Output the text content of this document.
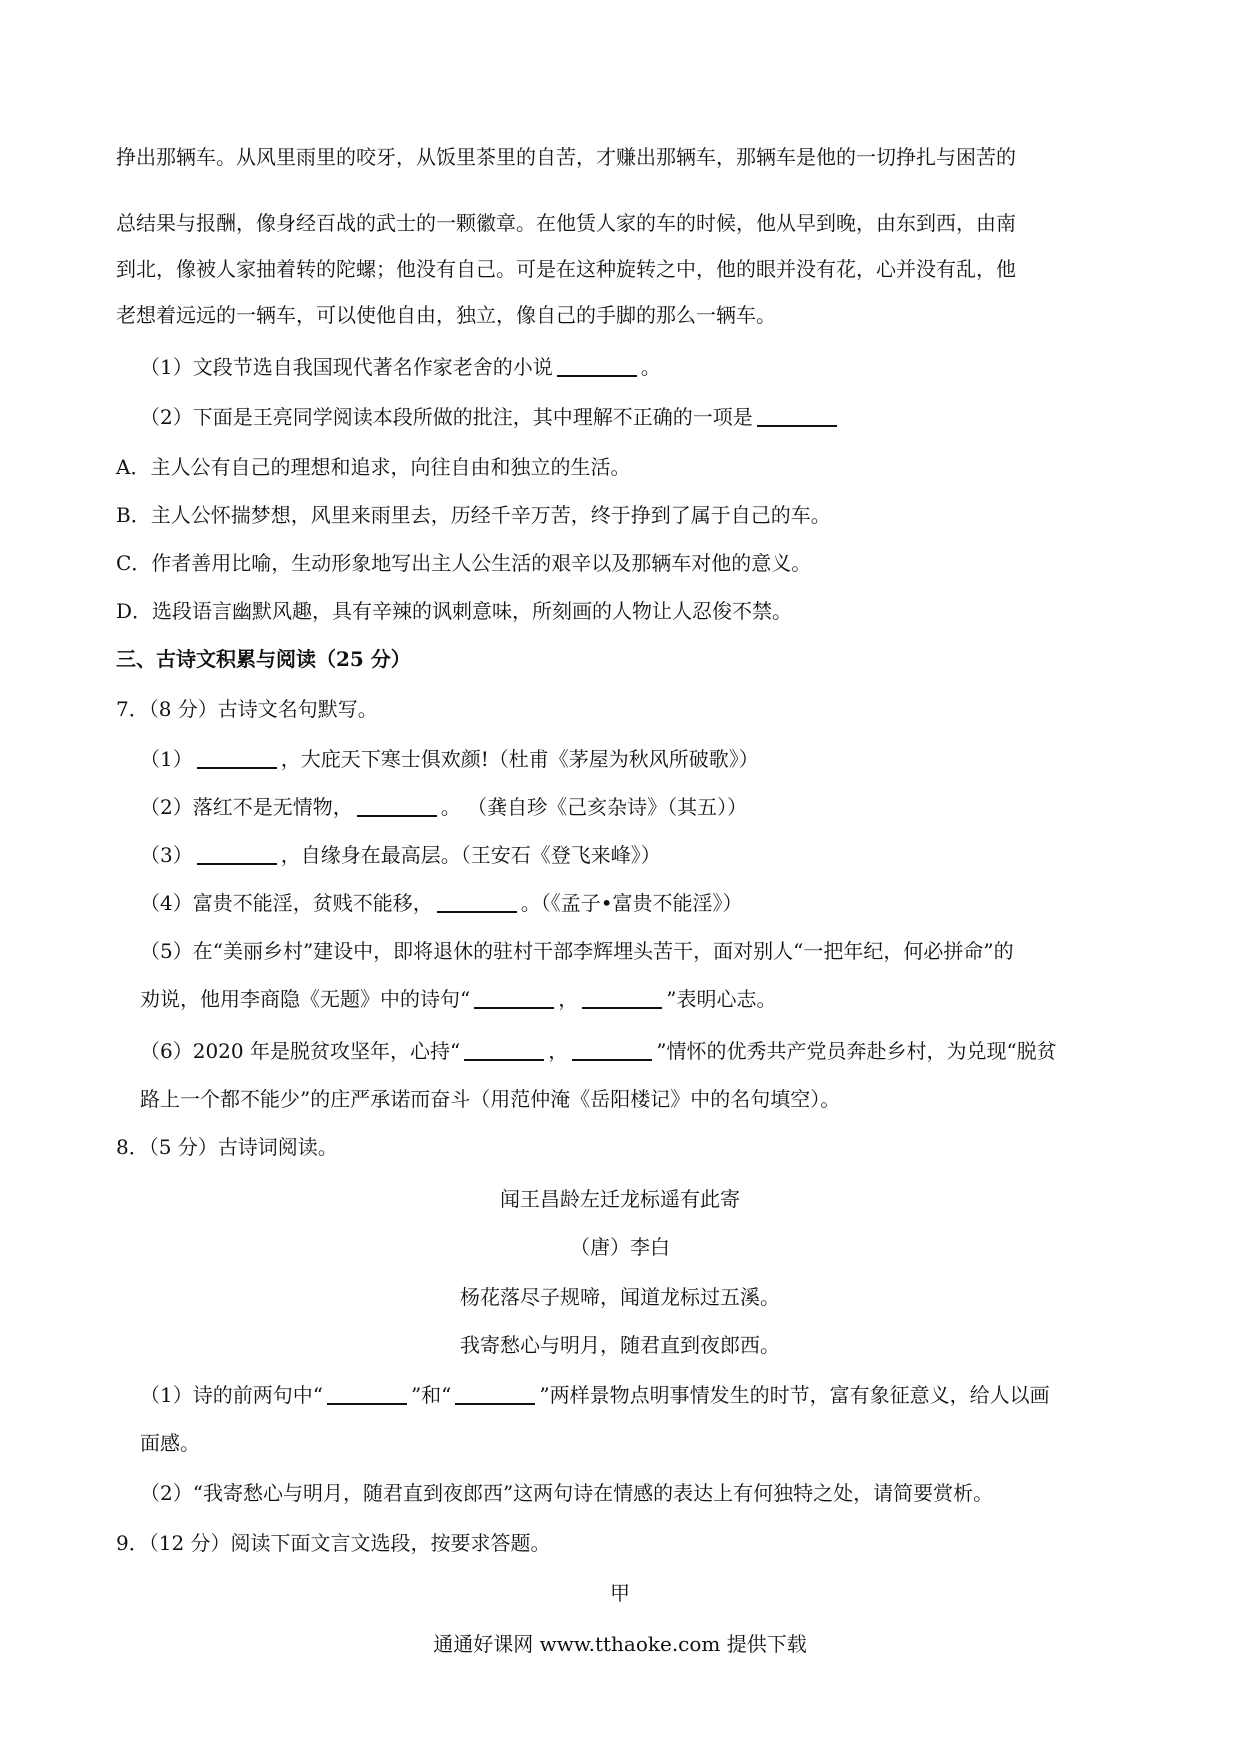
挣出那辆车。从风里雨里的咬牙，从饭里茶里的自苦，才赚出那辆车，那辆车是他的一切挣扎与困苦的
总结果与报酬，像身经百战的武士的一颗徽章。在他赁人家的车的时候，他从早到晚，由东到西，由南
到北，像被人家抽着转的陀螺；他没有自己。可是在这种旋转之中，他的眼并没有花，心并没有乱，他
老想着远远的一辆车，可以使他自由，独立，像自己的手脚的那么一辆车。
（1）文段节选自我国现代著名作家老舍的小说	。
（2）下面是王亮同学阅读本段所做的批注，其中理解不正确的一项是
A．主人公有自己的理想和追求，向往自由和独立的生活。
B．主人公怀揣梦想，风里来雨里去，历经千辛万苦，终于挣到了属于自己的车。
C．作者善用比喻，生动形象地写出主人公生活的艰辛以及那辆车对他的意义。
D．选段语言幽默风趣，具有辛辣的讽刺意味，所刻画的人物让人忍俊不禁。
三、古诗文积累与阅读（25 分）
7．（8 分）古诗文名句默写。
（1）	，大庇天下寒士俱欢颜!（杜甫《茅屋为秋风所破歌》）
（2）落红不是无情物，	。 （龚自珍《己亥杂诗》（其五））
（3）	，自缘身在最高层。（王安石《登飞来峰》）
（4）富贵不能淫，贫贱不能移，	。（《孟子•富贵不能淫》）
（5）在“美丽乡村”建设中，即将退休的驻村干部李辉埋头苦干，面对别人“一把年纪，何必拼命”的
劝说，他用李商隐《无题》中的诗句“	，	”表明心志。
（6）2020 年是脱贫攻坚年，心持“	，	”情怀的优秀共产党员奔赴乡村，为兑现“脱贫
路上一个都不能少”的庄严承诺而奋斗（用范仲淹《岳阳楼记》中的名句填空）。
8．（5 分）古诗词阅读。
闻王昌龄左迁龙标遥有此寄
（唐）李白
杨花落尽子规啼，闻道龙标过五溪。
我寄愁心与明月，随君直到夜郎西。
（1）诗的前两句中“	”和“	”两样景物点明事情发生的时节，富有象征意义，给人以画
面感。
（2）“我寄愁心与明月，随君直到夜郎西”这两句诗在情感的表达上有何独特之处，请简要赏析。
9．（12 分）阅读下面文言文选段，按要求答题。
甲
通通好课网 www.tthaoke.com 提供下载
